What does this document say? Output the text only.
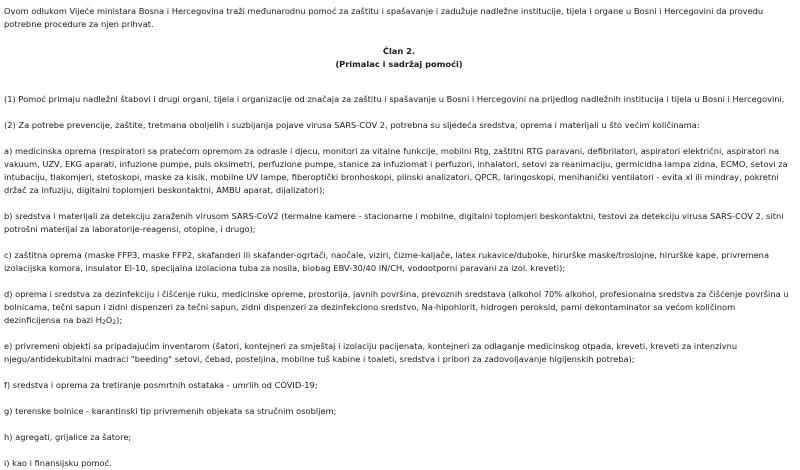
Ovom odlukom Vijeće ministara Bosna i Hercegovina traži međunarodnu pomoć za zaštitu i spašavanje i zadužuje nadležne institucije, tijela i organe u Bosni i Hercegovini da provedu potrebne procedure za njen prihvat.

Član 2.

(Primalac i sadržaj pomoći)

(1) Pomoć primaju nadležni štabovi i drugi organi, tijela i organizacije od značaja za zaštitu i spašavanje u Bosni i Hercegovini na prijedlog nadležnih institucija i tijela u Bosni i Hercegovini.

(2) Za potrebe prevencije, zaštite, tretmana oboljelih i suzbijanja pojave virusa SARS-COV 2, potrebna su sljedeća sredstva, oprema i materijali u što većim količinama:

a) medicinska oprema (respiratori sa pratećom opremom za odrasle i djecu, monitori za vitalne funkcije, mobilni Rtg, zaštitni RTG paravani, defibrilatori, aspiratori električni, aspiratori na vakuum, UZV, EKG aparati, infuzione pumpe, puls oksimetri, perfuzione pumpe, stanice za infuziomat i perfuzori, inhalatori, setovi za reanimaciju, germicidna lampa zidna, ECMO, setovi za intubaciju, tlakomjeri, stetoskopi, maske za kisik, mobilne UV lampe, fiberoptički bronhoskopi, plinski analizatori, QPCR, laringoskopi, menihanički ventilatori - evita xl ili mindray, pokretni držač za infuziju, digitalni toplomjeri beskontaktni, AMBU aparat, dijalizatori);

b) sredstva i materijali za detekciju zaraženih virusom SARS-CoV2 (termalne kamere - stacionarne i mobilne, digitalni toplomjeri beskontaktni, testovi za detekciju virusa SARS-COV 2, sitni potrošni materijal za laboratorije-reagensi, otopine, i drugo);

c) zaštitna oprema (maske FFP3, maske FFP2, skafanderi ili skafander-ogrtači, naočale, viziri, čizme-kaljače, latex rukavice/duboke, hirurške maske/troslojne, hirurške kape, privremena izolacijska komora, insulator EI-10, specijalna izolaciona tuba za nosila, biobag EBV-30/40 IN/CH, vodootporni paravani za izol. kreveti);

d) oprema i sredstva za dezinfekciju i čišćenje ruku, medicinske opreme, prostorija, javnih površina, prevoznih sredstava (alkohol 70% alkohol, profesionalna sredstva za čišćenje površina u bolnicama, tečni sapun i zidni dispenzeri za tečni sapun, zidni dispenzeri za dezinfekciono sredstvo, Na-hipohlorit, hidrogen peroksid, parni dekontaminator sa većom količinom dezinficijensa na bazi $H_2O_2$);

e) privremeni objekti sa pripadajućim inventarom (šatori, kontejneri za smještaj i izolaciju pacijenata, kontejneri za odlaganje medicinskog otpada, kreveti, kreveti za intenzivnu njegu/antidekubitalni madraci "beeding" setovi, ćebad, posteljina, mobilne tuš kabine i toaleti, sredstva i pribori za zadovoljavanje higijenskih potreba);

f) sredstva i oprema za tretiranje posmrtnih ostataka - umrlih od COVID-19;

g) terenske bolnice - karantinski tip privremenih objekata sa stručnim osobljem;

h) agregati, grijalice za šatore;

i) kao i finansijsku pomoć.
